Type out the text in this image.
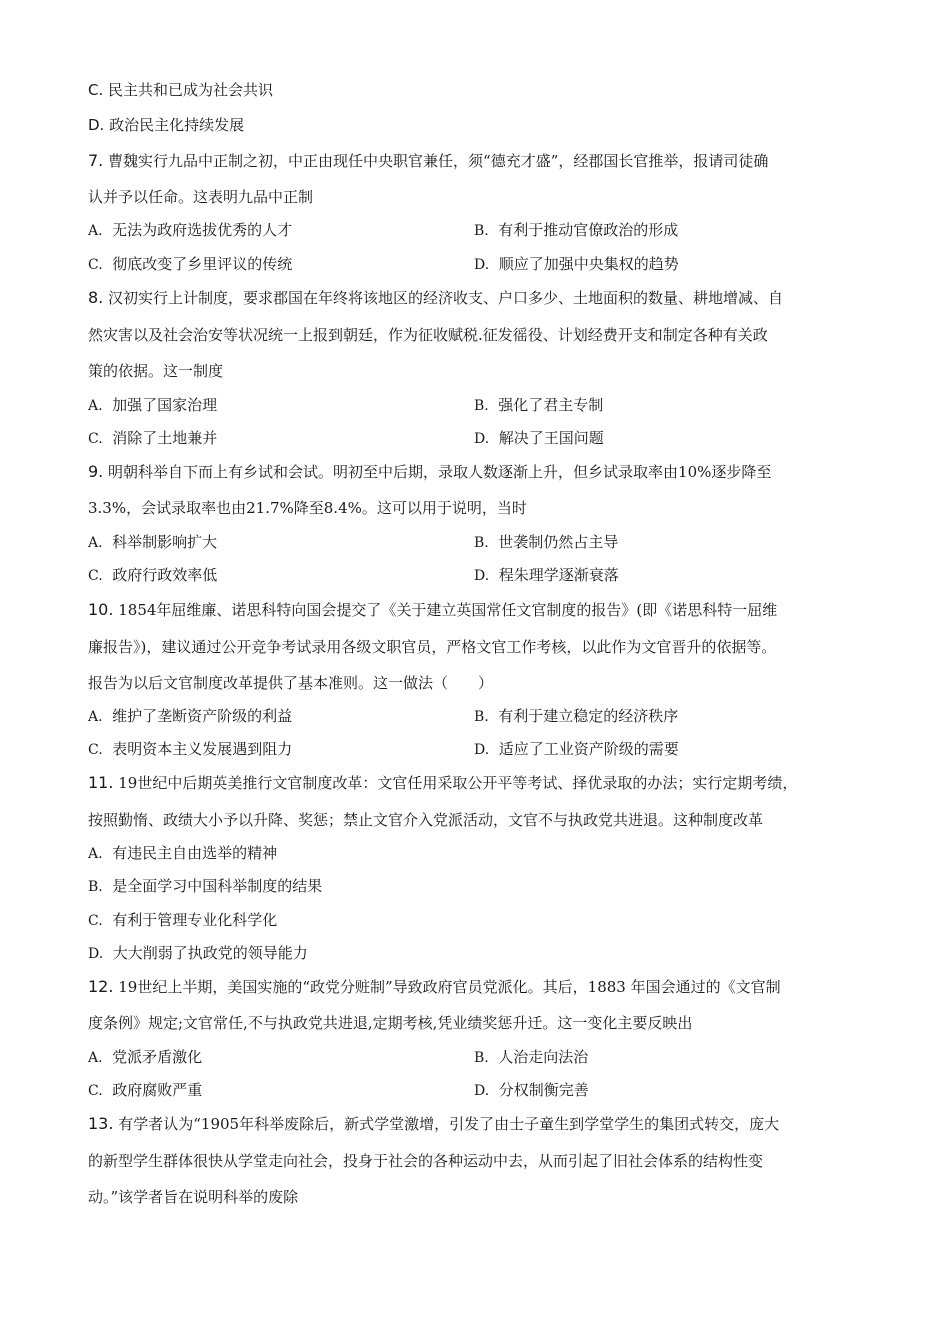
C. 民主共和已成为社会共识
D. 政治民主化持续发展
7. 曹魏实行九品中正制之初，中正由现任中央职官兼任，须“德充才盛”，经郡国长官推举，报请司徒确
认并予以任命。这表明九品中正制
A. 无法为政府选拔优秀的人才	B. 有利于推动官僚政治的形成
C. 彻底改变了乡里评议的传统	D. 顺应了加强中央集权的趋势
8. 汉初实行上计制度，要求郡国在年终将该地区的经济收支、户口多少、土地面积的数量、耕地增减、自
然灾害以及社会治安等状况统一上报到朝廷，作为征收赋税.征发徭役、计划经费开支和制定各种有关政
策的依据。这一制度
A. 加强了国家治理	B. 强化了君主专制
C. 消除了土地兼并	D. 解决了王国问题
9. 明朝科举自下而上有乡试和会试。明初至中后期，录取人数逐渐上升，但乡试录取率由10%逐步降至
3.3%，会试录取率也由21.7%降至8.4%。这可以用于说明，当时
A. 科举制影响扩大	B. 世袭制仍然占主导
C. 政府行政效率低	D. 程朱理学逐渐衰落
10. 1854年屈维廉、诺思科特向国会提交了《关于建立英国常任文官制度的报告》(即《诺思科特一屈维
廉报告》)，建议通过公开竞争考试录用各级文职官员，严格文官工作考核，以此作为文官晋升的依据等。
报告为以后文官制度改革提供了基本准则。这一做法（　　）
A. 维护了垄断资产阶级的利益	B. 有利于建立稳定的经济秩序
C. 表明资本主义发展遇到阻力	D. 适应了工业资产阶级的需要
11. 19世纪中后期英美推行文官制度改革：文官任用采取公开平等考试、择优录取的办法；实行定期考绩，
按照勤惰、政绩大小予以升降、奖惩；禁止文官介入党派活动，文官不与执政党共进退。这种制度改革
A. 有违民主自由选举的精神
B. 是全面学习中国科举制度的结果
C. 有利于管理专业化科学化
D. 大大削弱了执政党的领导能力
12. 19世纪上半期，美国实施的“政党分赃制”导致政府官员党派化。其后，1883 年国会通过的《文官制
度条例》规定;文官常任,不与执政党共进退,定期考核,凭业绩奖惩升迁。这一变化主要反映出
A. 党派矛盾激化	B. 人治走向法治
C. 政府腐败严重	D. 分权制衡完善
13. 有学者认为“1905年科举废除后，新式学堂激增，引发了由士子童生到学堂学生的集团式转交，庞大
的新型学生群体很快从学堂走向社会，投身于社会的各种运动中去，从而引起了旧社会体系的结构性变
动。”该学者旨在说明科举的废除
